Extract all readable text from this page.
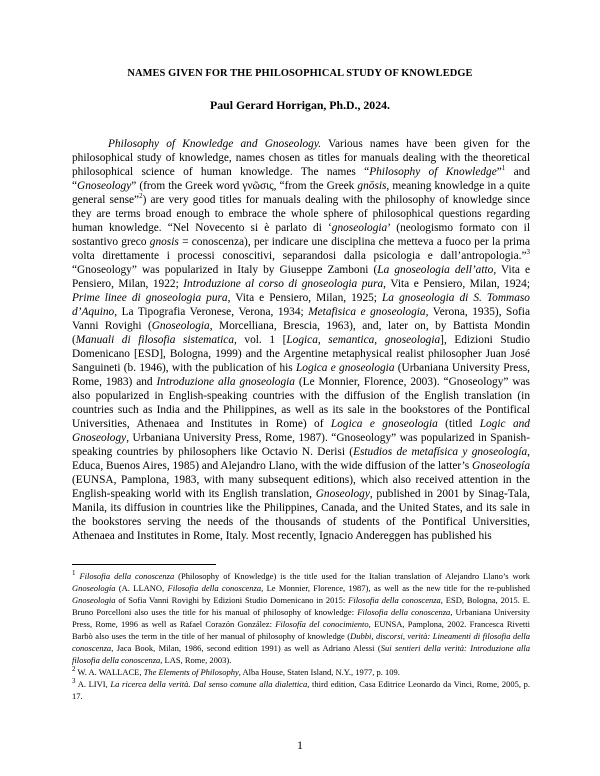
NAMES GIVEN FOR THE PHILOSOPHICAL STUDY OF KNOWLEDGE
Paul Gerard Horrigan, Ph.D., 2024.

Philosophy of Knowledge and Gnoseology. Various names have been given for the philosophical study of knowledge, names chosen as titles for manuals dealing with the theoretical philosophical science of human knowledge. The names “Philosophy of Knowledge”$^1$ and “Gnoseology” (from the Greek word γνῶσις, “from the Greek gnōsis, meaning knowledge in a quite general sense”$^2$) are very good titles for manuals dealing with the philosophy of knowledge since they are terms broad enough to embrace the whole sphere of philosophical questions regarding human knowledge. “Nel Novecento si è parlato di ‘gnoseologia’ (neologismo formato con il sostantivo greco gnosis = conoscenza), per indicare une disciplina che metteva a fuoco per la prima volta direttamente i processi conoscitivi, separandosi dalla psicologia e dall’antropologia.”$^3$ “Gnoseology” was popularized in Italy by Giuseppe Zamboni (La gnoseologia dell’atto, Vita e Pensiero, Milan, 1922; Introduzione al corso di gnoseologia pura, Vita e Pensiero, Milan, 1924; Prime linee di gnoseologia pura, Vita e Pensiero, Milan, 1925; La gnoseologia di S. Tommaso d’Aquino, La Tipografia Veronese, Verona, 1934; Metafisica e gnoseologia, Verona, 1935), Sofia Vanni Rovighi (Gnoseologia, Morcelliana, Brescia, 1963), and, later on, by Battista Mondin (Manuali di filosofia sistematica, vol. 1 [Logica, semantica, gnoseologia], Edizioni Studio Domenicano [ESD], Bologna, 1999) and the Argentine metaphysical realist philosopher Juan José Sanguineti (b. 1946), with the publication of his Logica e gnoseologia (Urbaniana University Press, Rome, 1983) and Introduzione alla gnoseologia (Le Monnier, Florence, 2003). “Gnoseology” was also popularized in English-speaking countries with the diffusion of the English translation (in countries such as India and the Philippines, as well as its sale in the bookstores of the Pontifical Universities, Athenaea and Institutes in Rome) of Logica e gnoseologia (titled Logic and Gnoseology, Urbaniana University Press, Rome, 1987). “Gnoseology” was popularized in Spanish-speaking countries by philosophers like Octavio N. Derisi (Estudios de metafísica y gnoseología, Educa, Buenos Aires, 1985) and Alejandro Llano, with the wide diffusion of the latter’s Gnoseología (EUNSA, Pamplona, 1983, with many subsequent editions), which also received attention in the English-speaking world with its English translation, Gnoseology, published in 2001 by Sinag-Tala, Manila, its diffusion in countries like the Philippines, Canada, and the United States, and its sale in the bookstores serving the needs of the thousands of students of the Pontifical Universities, Athenaea and Institutes in Rome, Italy. Most recently, Ignacio Andereggen has published his

$^1$ Filosofia della conoscenza (Philosophy of Knowledge) is the title used for the Italian translation of Alejandro Llano’s work Gnoseología (A. LLANO, Filosofia della conoscenza, Le Monnier, Florence, 1987), as well as the new title for the re-published Gnoseologia of Sofia Vanni Rovighi by Edizioni Studio Domenicano in 2015: Filosofia della conoscenza, ESD, Bologna, 2015. E. Bruno Porcelloni also uses the title for his manual of philosophy of knowledge: Filosofia della conoscenza, Urbaniana University Press, Rome, 1996 as well as Rafael Corazón González: Filosofía del conocimiento, EUNSA, Pamplona, 2002. Francesca Rivetti Barbò also uses the term in the title of her manual of philosophy of knowledge (Dubbi, discorsi, verità: Lineamenti di filosofia della conoscenza, Jaca Book, Milan, 1986, second edition 1991) as well as Adriano Alessi (Sui sentieri della verità: Introduzione alla filosofia della conoscenza, LAS, Rome, 2003).

$^2$ W. A. WALLACE, The Elements of Philosophy, Alba House, Staten Island, N.Y., 1977, p. 109.

$^3$ A. LIVI, La ricerca della verità. Dal senso comune alla dialettica, third edition, Casa Editrice Leonardo da Vinci, Rome, 2005, p. 17.

1
